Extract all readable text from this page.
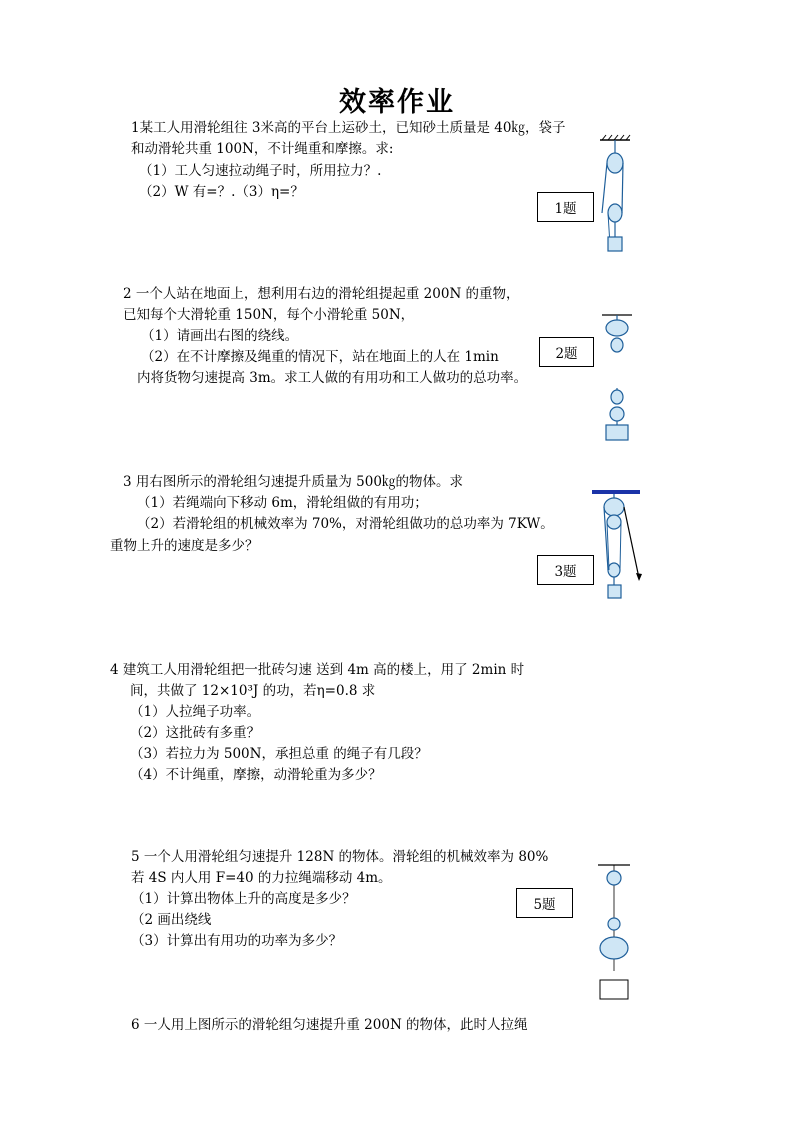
效率作业
1某工人用滑轮组往 3米高的平台上运砂土，已知砂土质量是 40㎏，袋子
和动滑轮共重 100N，不计绳重和摩擦。求:
（1）工人匀速拉动绳子时，所用拉力？.
（2）W 有=？.（3）η=？
1题
2 一个人站在地面上，想利用右边的滑轮组提起重 200N 的重物，
已知每个大滑轮重 150N，每个小滑轮重 50N，
（1）请画出右图的绕线。
（2）在不计摩擦及绳重的情况下，站在地面上的人在 1min
内将货物匀速提高 3m。求工人做的有用功和工人做功的总功率。
2题
3 用右图所示的滑轮组匀速提升质量为 500㎏的物体。求
（1）若绳端向下移动 6m，滑轮组做的有用功；
（2）若滑轮组的机械效率为 70%，对滑轮组做功的总功率为 7KW。
重物上升的速度是多少？
3题
4 建筑工人用滑轮组把一批砖匀速 送到 4m 高的楼上，用了 2min 时
间，共做了 12×10³J 的功，若η=0.8 求
（1）人拉绳子功率。
（2）这批砖有多重？
（3）若拉力为 500N，承担总重 的绳子有几段？
（4）不计绳重，摩擦，动滑轮重为多少？
5 一个人用滑轮组匀速提升 128N 的物体。滑轮组的机械效率为 80%
若 4S 内人用 F=40 的力拉绳端移动 4m。
（1）计算出物体上升的高度是多少？
（2 画出绕线
（3）计算出有用功的功率为多少？
5题
6 一人用上图所示的滑轮组匀速提升重 200N 的物体，此时人拉绳
